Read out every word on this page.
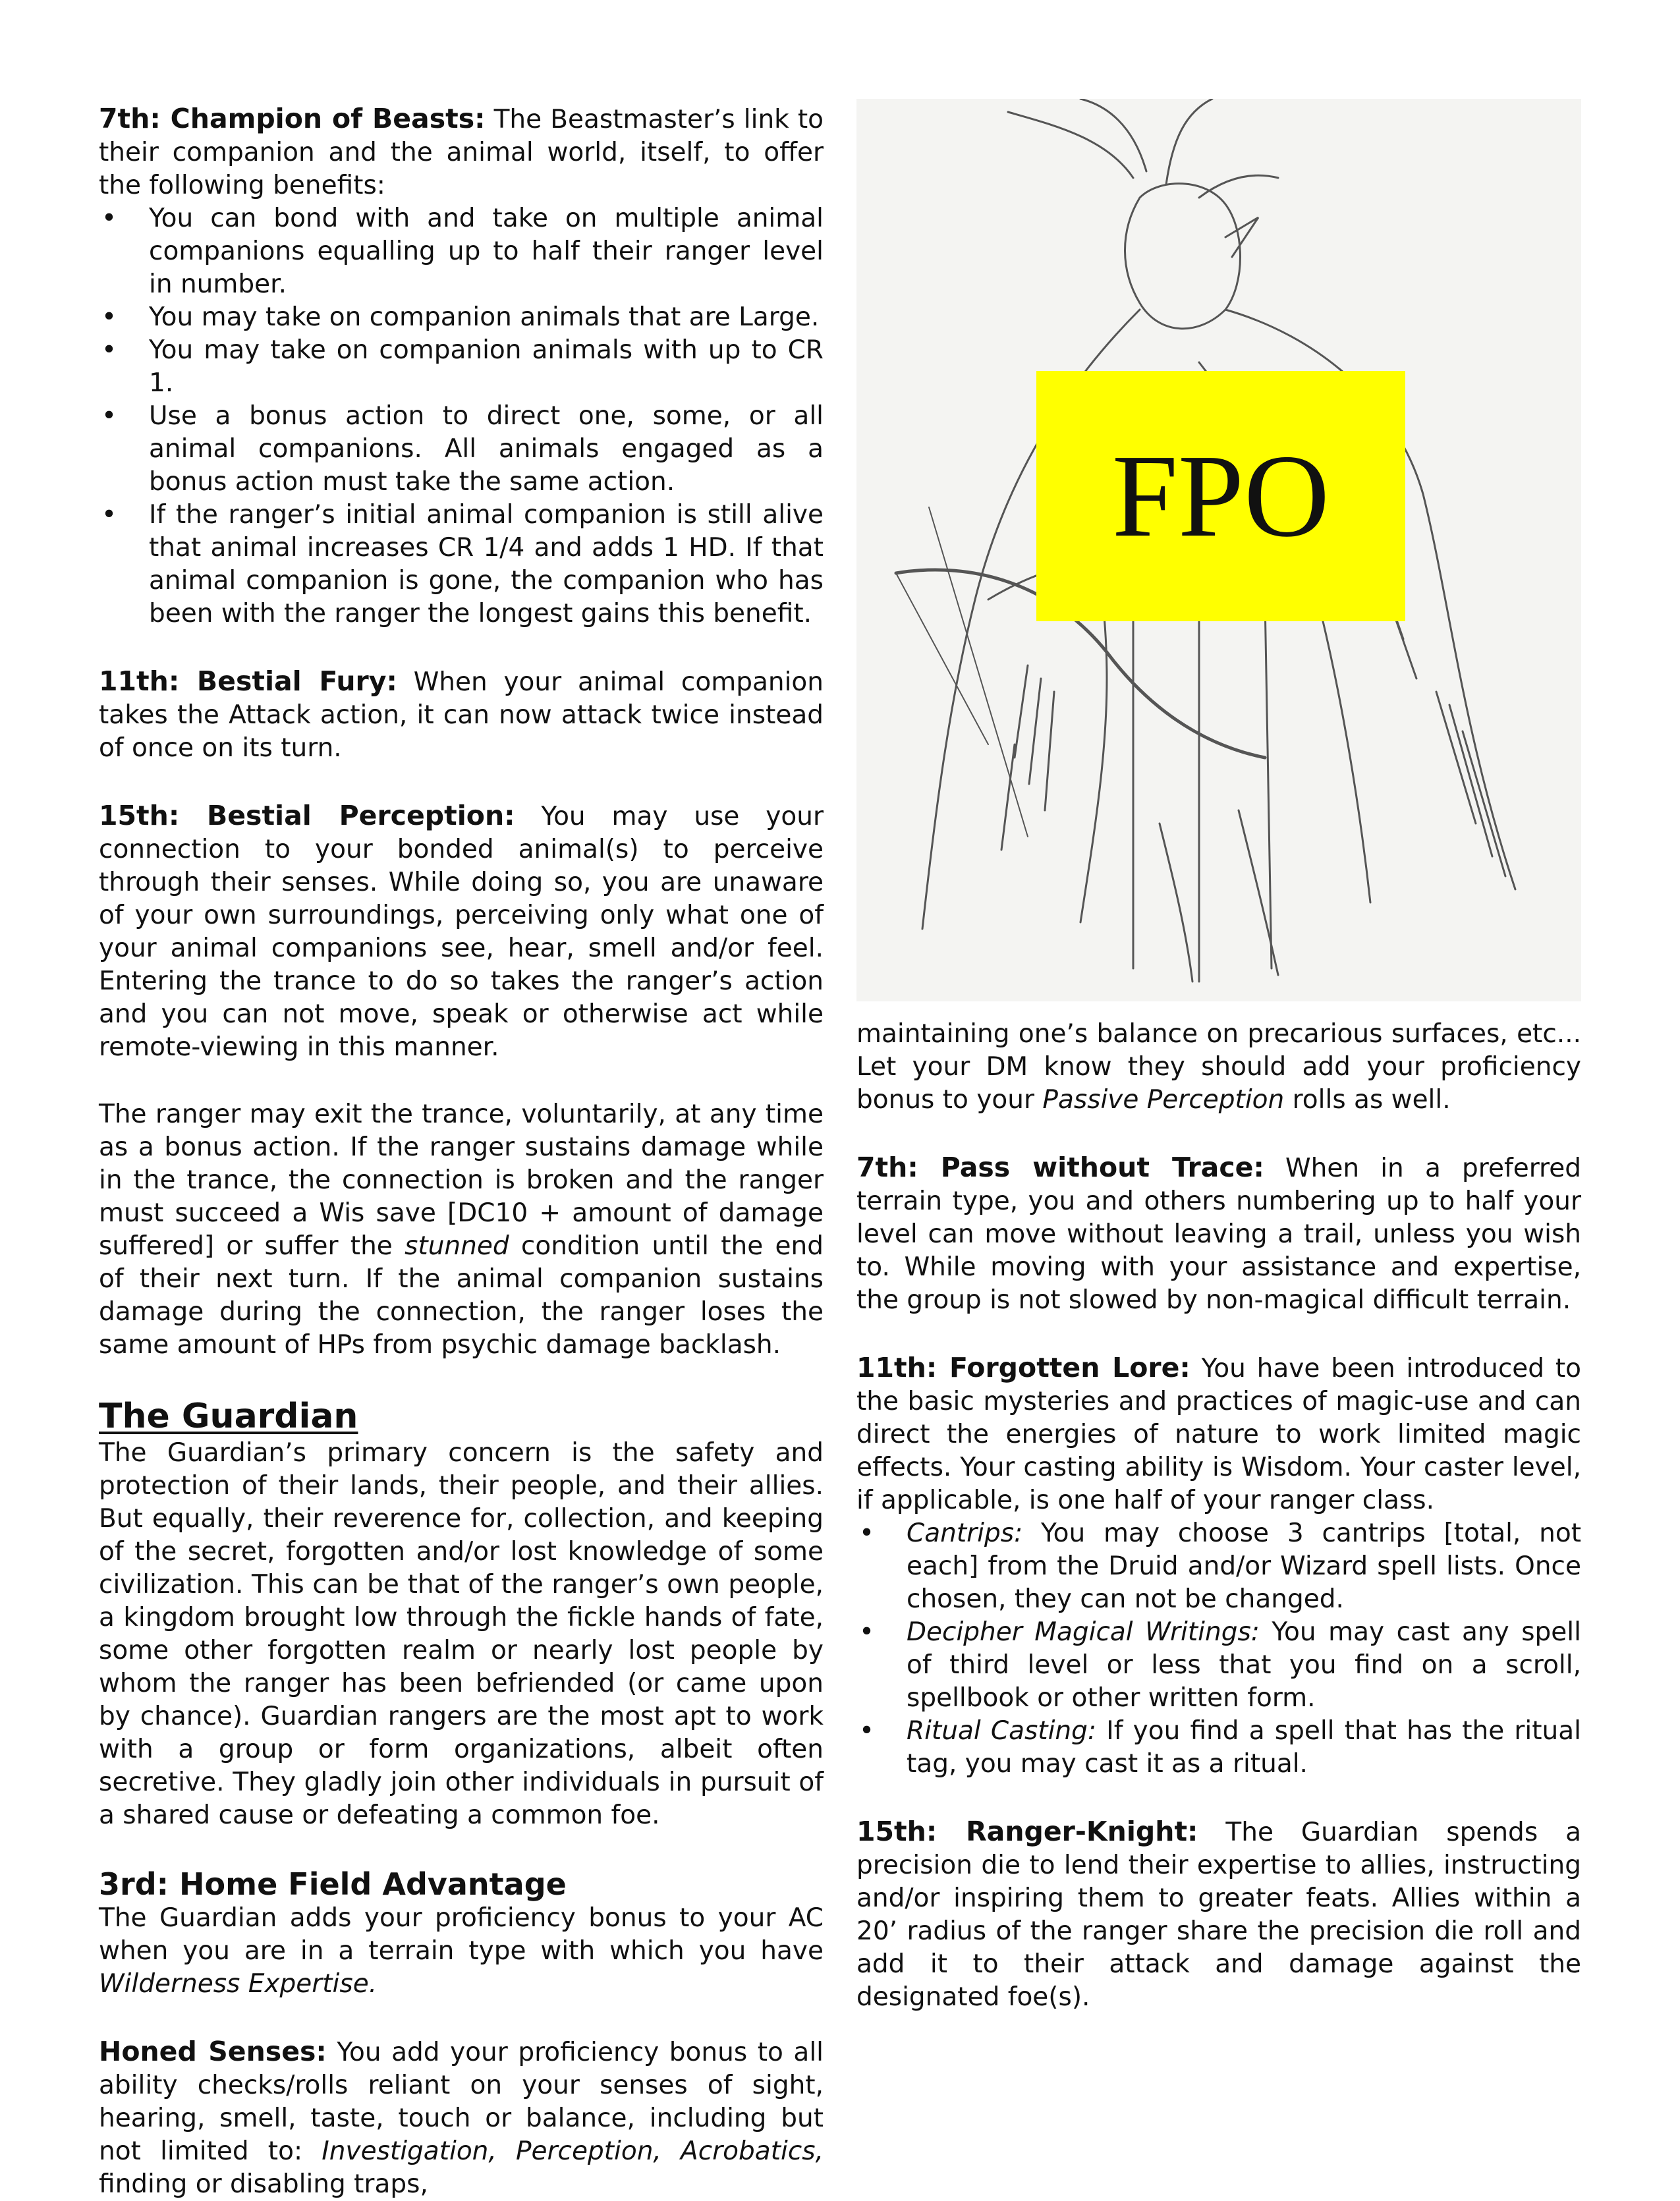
7th: Champion of Beasts: The Beastmaster’s link to their companion and the animal world, itself, to offer the following benefits:

• You can bond with and take on multiple animal companions equalling up to half their ranger level in number.
• You may take on companion animals that are Large.
• You may take on companion animals with up to CR 1.
• Use a bonus action to direct one, some, or all animal companions. All animals engaged as a bonus action must take the same action.
• If the ranger’s initial animal companion is still alive that animal increases CR 1/4 and adds 1 HD. If that animal companion is gone, the companion who has been with the ranger the longest gains this benefit.

11th: Bestial Fury: When your animal companion takes the Attack action, it can now attack twice instead of once on its turn.

15th: Bestial Perception: You may use your connection to your bonded animal(s) to perceive through their senses. While doing so, you are unaware of your own surroundings, perceiving only what one of your animal companions see, hear, smell and/or feel. Entering the trance to do so takes the ranger’s action and you can not move, speak or otherwise act while remote-viewing in this manner.

The ranger may exit the trance, voluntarily, at any time as a bonus action. If the ranger sustains damage while in the trance, the connection is broken and the ranger must succeed a Wis save [DC10 + amount of damage suffered] or suffer the stunned condition until the end of their next turn. If the animal companion sustains damage during the connection, the ranger loses the same amount of HPs from psychic damage backlash.

The Guardian

The Guardian’s primary concern is the safety and protection of their lands, their people, and their allies. But equally, their reverence for, collection, and keeping of the secret, forgotten and/or lost knowledge of some civilization. This can be that of the ranger’s own people, a kingdom brought low through the fickle hands of fate, some other forgotten realm or nearly lost people by whom the ranger has been befriended (or came upon by chance). Guardian rangers are the most apt to work with a group or form organizations, albeit often secretive. They gladly join other individuals in pursuit of a shared cause or defeating a common foe.

3rd: Home Field Advantage

The Guardian adds your proficiency bonus to your AC when you are in a terrain type with which you have Wilderness Expertise.

Honed Senses: You add your proficiency bonus to all ability checks/rolls reliant on your senses of sight, hearing, smell, taste, touch or balance, including but not limited to: Investigation, Perception, Acrobatics, finding or disabling traps,

FPO

maintaining one’s balance on precarious surfaces, etc... Let your DM know they should add your proficiency bonus to your Passive Perception rolls as well.

7th: Pass without Trace: When in a preferred terrain type, you and others numbering up to half your level can move without leaving a trail, unless you wish to. While moving with your assistance and expertise, the group is not slowed by non-magical difficult terrain.

11th: Forgotten Lore: You have been introduced to the basic mysteries and practices of magic-use and can direct the energies of nature to work limited magic effects. Your casting ability is Wisdom. Your caster level, if applicable, is one half of your ranger class.

• Cantrips: You may choose 3 cantrips [total, not each] from the Druid and/or Wizard spell lists. Once chosen, they can not be changed.
• Decipher Magical Writings: You may cast any spell of third level or less that you find on a scroll, spellbook or other written form.
• Ritual Casting: If you find a spell that has the ritual tag, you may cast it as a ritual.

15th: Ranger-Knight: The Guardian spends a precision die to lend their expertise to allies, instructing and/or inspiring them to greater feats. Allies within a 20’ radius of the ranger share the precision die roll and add it to their attack and damage against the designated foe(s).
